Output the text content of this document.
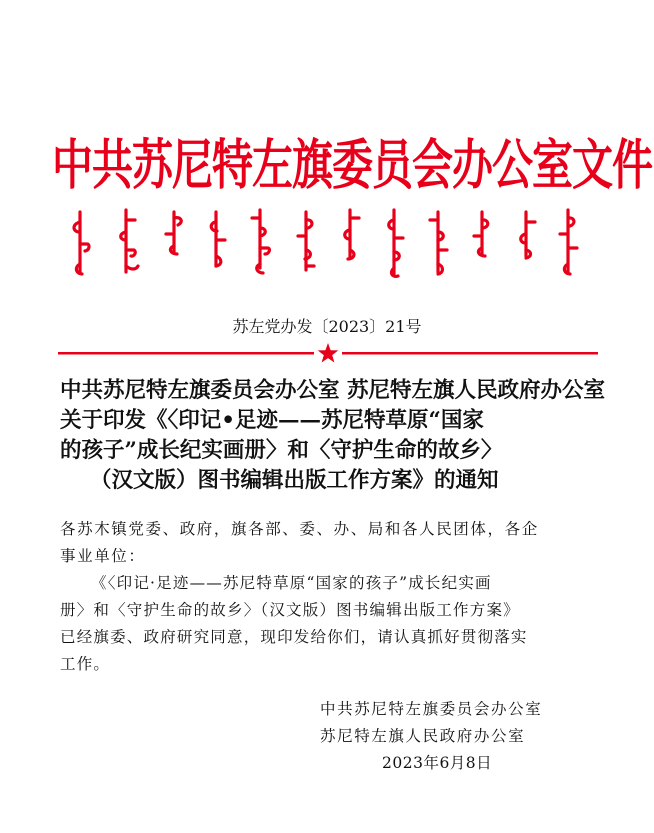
中共苏尼特左旗委员会办公室文件
苏左党办发〔2023〕21号
中共苏尼特左旗委员会办公室 苏尼特左旗人民政府办公室
关于印发《〈印记•足迹——苏尼特草原“国家
的孩子”成长纪实画册〉和〈守护生命的故乡〉
（汉文版）图书编辑出版工作方案》的通知
各苏木镇党委、政府，旗各部、委、办、局和各人民团体，各企
事业单位：
《〈印记·足迹——苏尼特草原“国家的孩子”成长纪实画
册〉和〈守护生命的故乡〉（汉文版）图书编辑出版工作方案》
已经旗委、政府研究同意，现印发给你们，请认真抓好贯彻落实
工作。
中共苏尼特左旗委员会办公室
苏尼特左旗人民政府办公室
2023年6月8日
